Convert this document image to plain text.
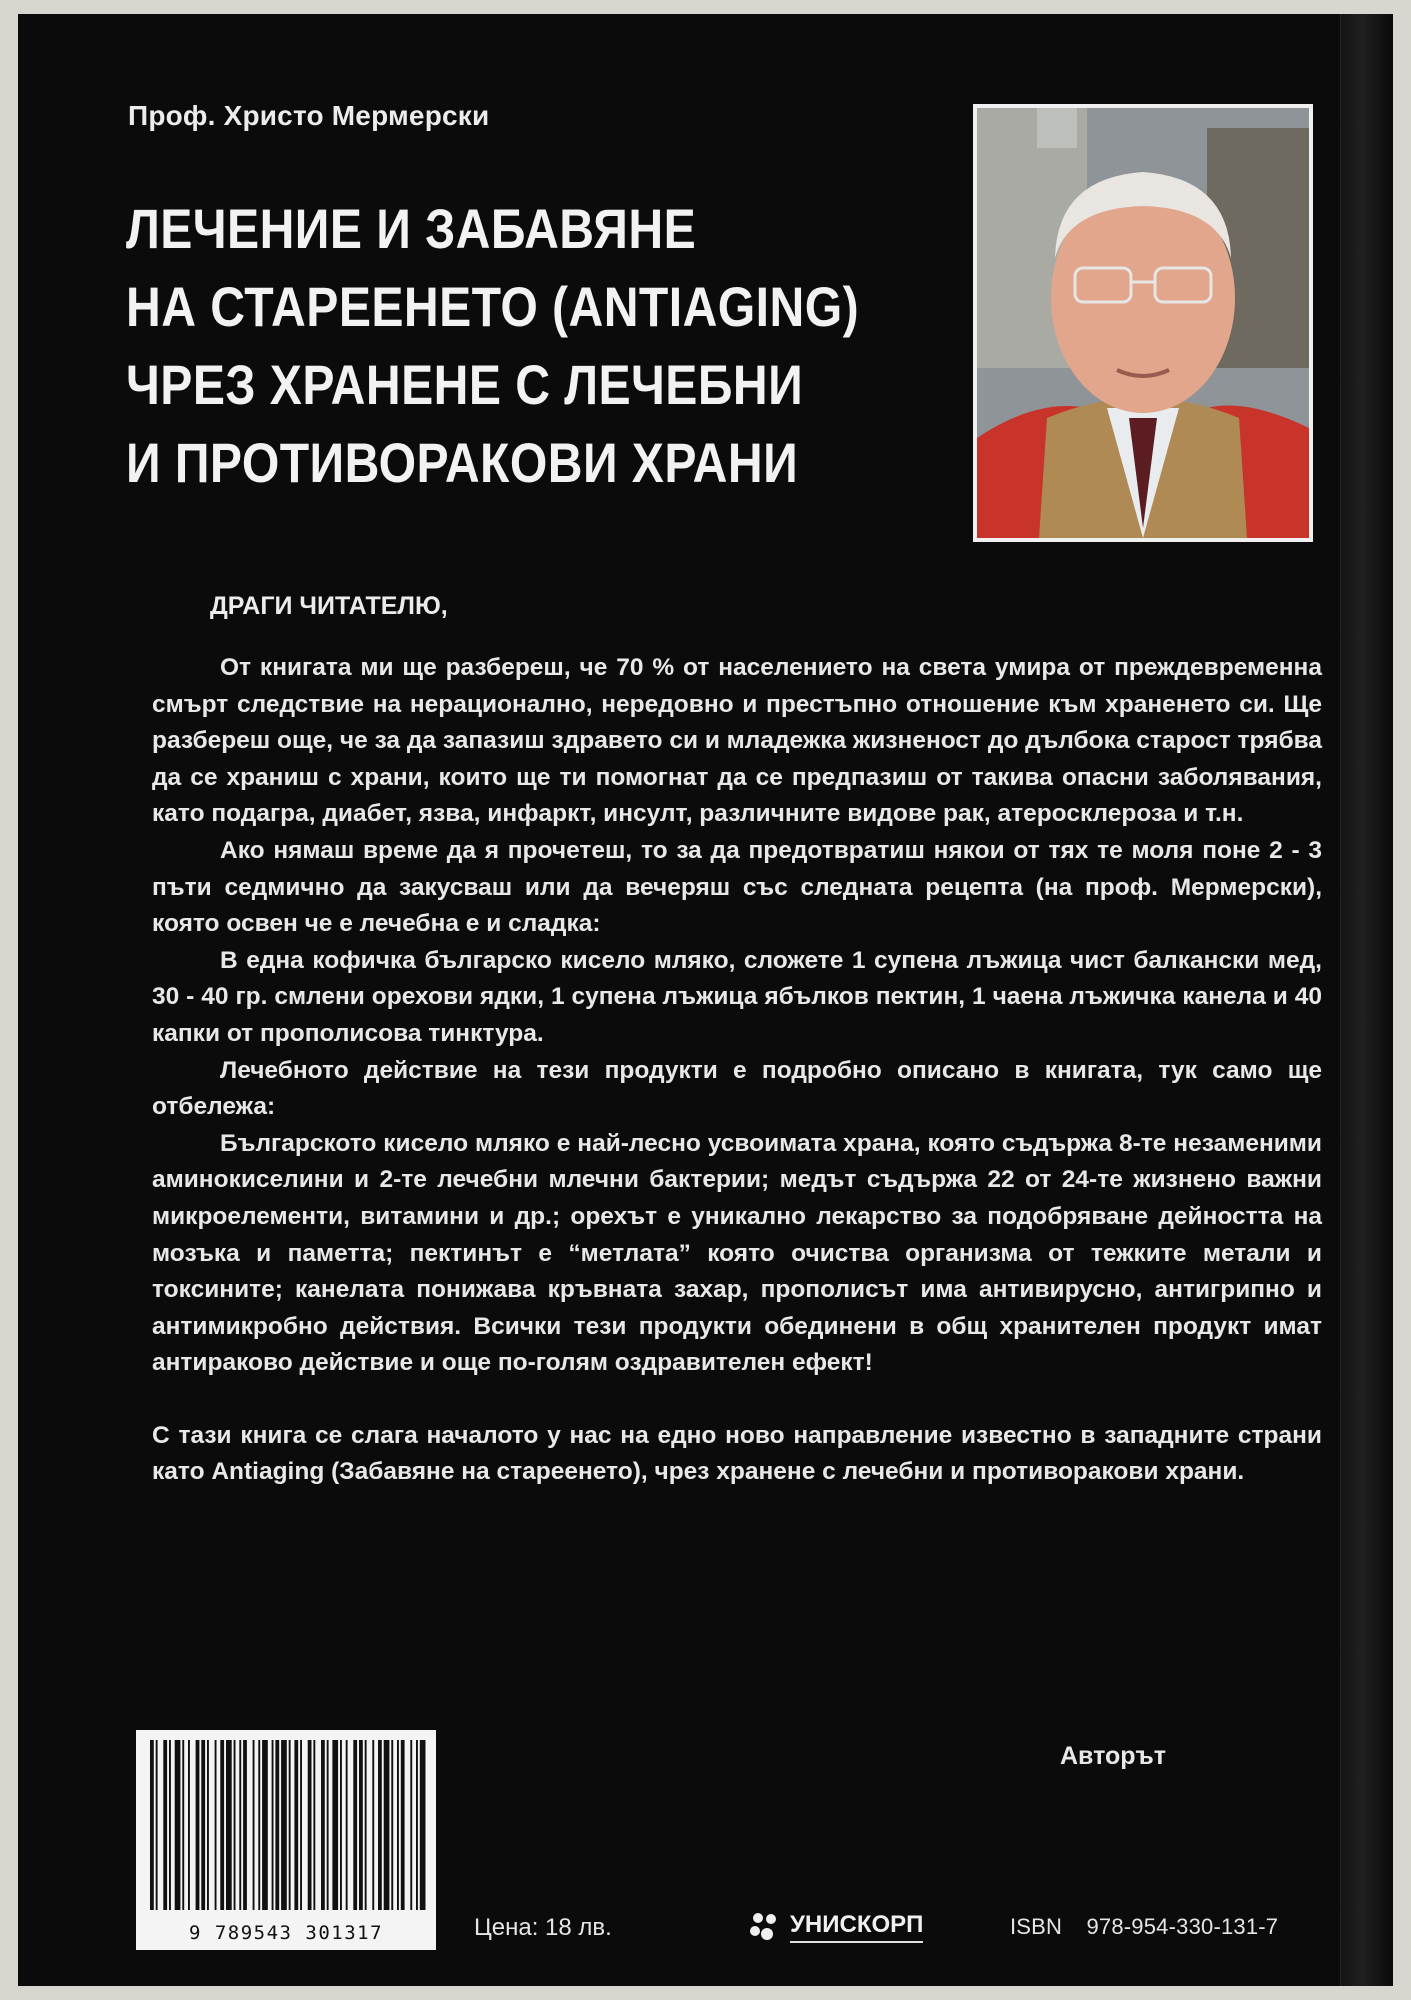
Проф. Христо Мермерски
ЛЕЧЕНИЕ И ЗАБАВЯНЕ
НА СТАРЕЕНЕТО (ANTIAGING)
ЧРЕЗ ХРАНЕНЕ С ЛЕЧЕБНИ
И ПРОТИВОРАКОВИ ХРАНИ
ДРАГИ ЧИТАТЕЛЮ,

От книгата ми ще разбереш, че 70 % от населението на света умира от преждевременна смърт следствие на нерационално, нередовно и престъпно отношение към храненето си. Ще разбереш още, че за да запазиш здравето си и младежка жизненост до дълбока старост трябва да се храниш с храни, които ще ти помогнат да се предпазиш от такива опасни заболявания, като подагра, диабет, язва, инфаркт, инсулт, различните видове рак, атеросклероза и т.н.

Ако нямаш време да я прочетеш, то за да предотвратиш някои от тях те моля поне 2 - 3 пъти седмично да закусваш или да вечеряш със следната рецепта (на проф. Мермерски), която освен че е лечебна е и сладка:

В една кофичка българско кисело мляко, сложете 1 супена лъжица чист балкански мед, 30 - 40 гр. смлени орехови ядки, 1 супена лъжица ябълков пектин, 1 чаена лъжичка канела и 40 капки от прополисова тинктура.

Лечебното действие на тези продукти е подробно описано в книгата, тук само ще отбележа:

Българското кисело мляко е най-лесно усвоимата храна, която съдържа 8-те незаменими аминокиселини и 2-те лечебни млечни бактерии; медът съдържа 22 от 24-те жизнено важни микроелементи, витамини и др.; орехът е уникално лекарство за подобряване дейността на мозъка и паметта; пектинът е “метлата” която очиства организма от тежките метали и токсините; канелата понижава кръвната захар, прополисът има антивирусно, антигрипно и антимикробно действия. Всички тези продукти обединени в общ хранителен продукт имат антираково действие и още по-голям оздравителен ефект!

С тази книга се слага началото у нас на едно ново направление известно в западните страни като Antiaging (Забавяне на стареенето), чрез хранене с лечебни и противоракови храни.

Авторът
9 789543 301317	Цена: 18 лв.	УНИСКОРП	ISBN 978-954-330-131-7
